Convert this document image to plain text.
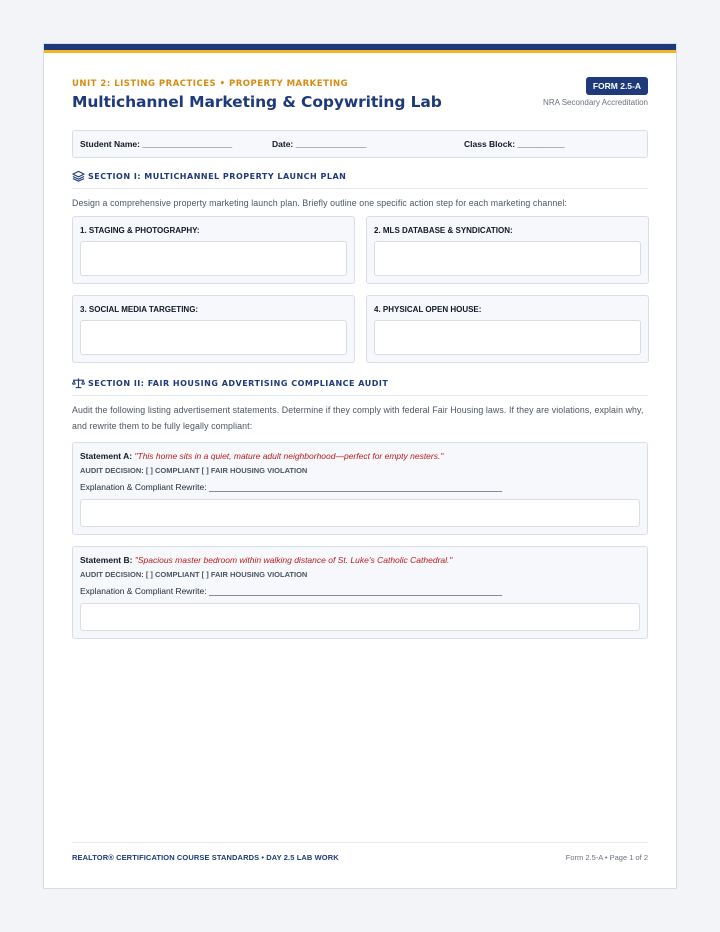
UNIT 2: LISTING PRACTICES • PROPERTY MARKETING
Multichannel Marketing & Copywriting Lab
FORM 2.5-A
NRA Secondary Accreditation
Student Name: ___________________	Date: _______________	Class Block: __________
SECTION I: MULTICHANNEL PROPERTY LAUNCH PLAN
Design a comprehensive property marketing launch plan. Briefly outline one specific action step for each marketing channel:
1. STAGING & PHOTOGRAPHY:	2. MLS DATABASE & SYNDICATION:
3. SOCIAL MEDIA TARGETING:	4. PHYSICAL OPEN HOUSE:
SECTION II: FAIR HOUSING ADVERTISING COMPLIANCE AUDIT
Audit the following listing advertisement statements. Determine if they comply with federal Fair Housing laws. If they are violations, explain why, and rewrite them to be fully legally compliant:
Statement A: "This home sits in a quiet, mature adult neighborhood—perfect for empty nesters."
AUDIT DECISION: [ ] COMPLIANT [ ] FAIR HOUSING VIOLATION
Explanation & Compliant Rewrite: ______________________________________________________________
Statement B: "Spacious master bedroom within walking distance of St. Luke's Catholic Cathedral."
AUDIT DECISION: [ ] COMPLIANT [ ] FAIR HOUSING VIOLATION
Explanation & Compliant Rewrite: ______________________________________________________________
REALTOR® CERTIFICATION COURSE STANDARDS • DAY 2.5 LAB WORK	Form 2.5-A • Page 1 of 2
